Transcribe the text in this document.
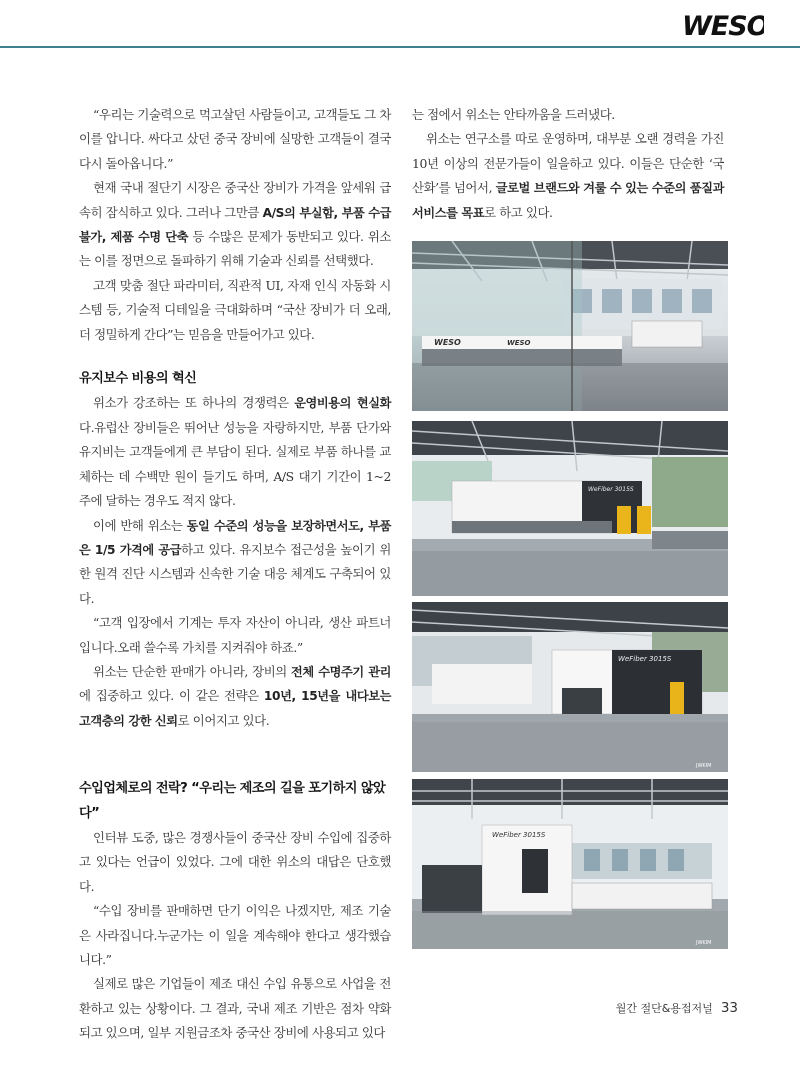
WESO

“우리는 기술력으로 먹고살던 사람들이고, 고객들도 그 차이를 압니다. 싸다고 샀던 중국 장비에 실망한 고객들이 결국 다시 돌아옵니다.”

현재 국내 절단기 시장은 중국산 장비가 가격을 앞세워 급속히 잠식하고 있다. 그러나 그만큼 A/S의 부실함, 부품 수급 불가, 제품 수명 단축 등 수많은 문제가 동반되고 있다. 위소는 이를 정면으로 돌파하기 위해 기술과 신뢰를 선택했다.

고객 맞춤 절단 파라미터, 직관적 UI, 자재 인식 자동화 시스템 등, 기술적 디테일을 극대화하며 “국산 장비가 더 오래, 더 정밀하게 간다”는 믿음을 만들어가고 있다.

유지보수 비용의 혁신

위소가 강조하는 또 하나의 경쟁력은 운영비용의 현실화다.유럽산 장비들은 뛰어난 성능을 자랑하지만, 부품 단가와 유지비는 고객들에게 큰 부담이 된다. 실제로 부품 하나를 교체하는 데 수백만 원이 들기도 하며, A/S 대기 기간이 1~2주에 달하는 경우도 적지 않다.

이에 반해 위소는 동일 수준의 성능을 보장하면서도, 부품은 1/5 가격에 공급하고 있다. 유지보수 접근성을 높이기 위한 원격 진단 시스템과 신속한 기술 대응 체계도 구축되어 있다.

“고객 입장에서 기계는 투자 자산이 아니라, 생산 파트너입니다.오래 쓸수록 가치를 지켜줘야 하죠.”

위소는 단순한 판매가 아니라, 장비의 전체 수명주기 관리에 집중하고 있다. 이 같은 전략은 10년, 15년을 내다보는 고객층의 강한 신뢰로 이어지고 있다.

수입업체로의 전락? “우리는 제조의 길을 포기하지 않았다”

인터뷰 도중, 많은 경쟁사들이 중국산 장비 수입에 집중하고 있다는 언급이 있었다. 그에 대한 위소의 대답은 단호했다.

“수입 장비를 판매하면 단기 이익은 나겠지만, 제조 기술은 사라집니다.누군가는 이 일을 계속해야 한다고 생각했습니다.”

실제로 많은 기업들이 제조 대신 수입 유통으로 사업을 전환하고 있는 상황이다. 그 결과, 국내 제조 기반은 점차 약화되고 있으며, 일부 지원금조차 중국산 장비에 사용되고 있다

는 점에서 위소는 안타까움을 드러냈다.

위소는 연구소를 따로 운영하며, 대부분 오랜 경력을 가진 10년 이상의 전문가들이 일을하고 있다. 이들은 단순한 ‘국산화’를 넘어서, 글로벌 브랜드와 겨룰 수 있는 수준의 품질과 서비스를 목표로 하고 있다.

WESO	WESO
WeFiber 3015S
WeFiber 3015S
JWKIM
WeFiber 3015S
JWKIM
월간 절단&용접저널 33
